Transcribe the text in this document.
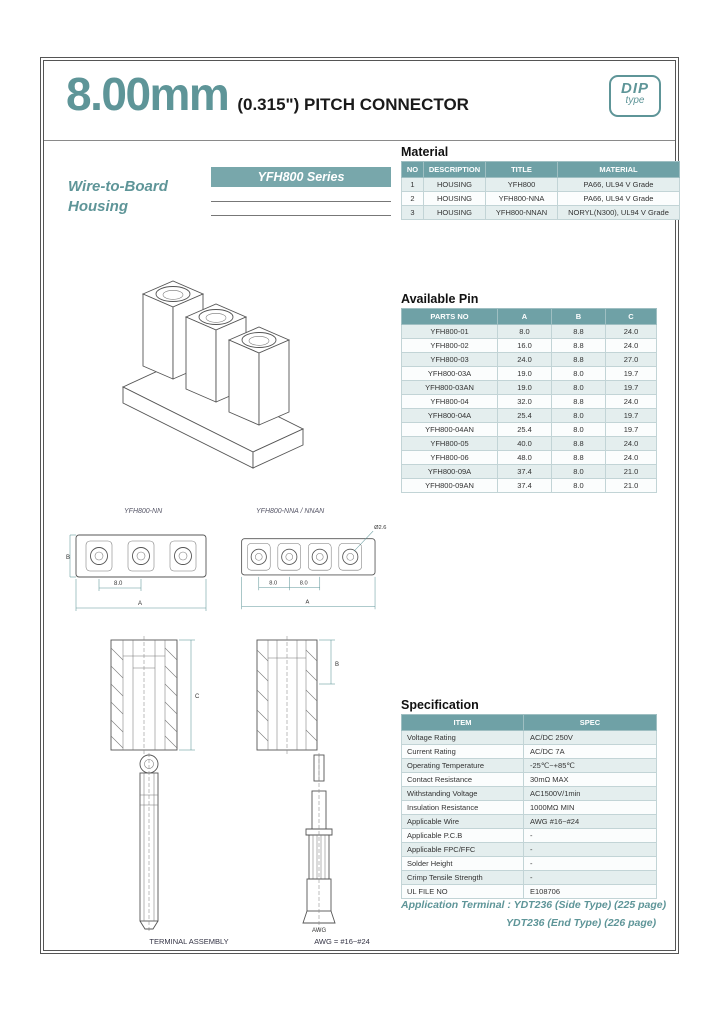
8.00mm (0.315") PITCH CONNECTOR
DIP
type
Wire-to-Board
Housing
YFH800 Series
Material
NO	DESCRIPTION	TITLE	MATERIAL
1	HOUSING	YFH800	PA66, UL94 V Grade
2	HOUSING	YFH800-NNA	PA66, UL94 V Grade
3	HOUSING	YFH800-NNAN	NORYL(N300), UL94 V Grade
Available Pin
PARTS NO	A	B	C
YFH800-01	8.0	8.8	24.0
YFH800-02	16.0	8.8	24.0
YFH800-03	24.0	8.8	27.0
YFH800-03A	19.0	8.0	19.7
YFH800-03AN	19.0	8.0	19.7
YFH800-04	32.0	8.8	24.0
YFH800-04A	25.4	8.0	19.7
YFH800-04AN	25.4	8.0	19.7
YFH800-05	40.0	8.8	24.0
YFH800-06	48.0	8.8	24.0
YFH800-09A	37.4	8.0	21.0
YFH800-09AN	37.4	8.0	21.0
YFH800-NN	YFH800-NNA / NNAN
B
8.0
A
Ø2.6
8.0	8.0
A
C
B
AWG
TERMINAL ASSEMBLY	AWG = #16~#24
Specification
ITEM	SPEC
Voltage Rating	AC/DC 250V
Current Rating	AC/DC 7A
Operating Temperature	-25℃~+85℃
Contact Resistance	30mΩ MAX
Withstanding Voltage	AC1500V/1min
Insulation Resistance	1000MΩ MIN
Applicable Wire	AWG #16~#24
Applicable P.C.B	-
Applicable FPC/FFC	-
Solder Height	-
Crimp Tensile Strength	-
UL FILE NO	E108706
Application Terminal : YDT236 (Side Type) (225 page)
YDT236 (End Type) (226 page)
